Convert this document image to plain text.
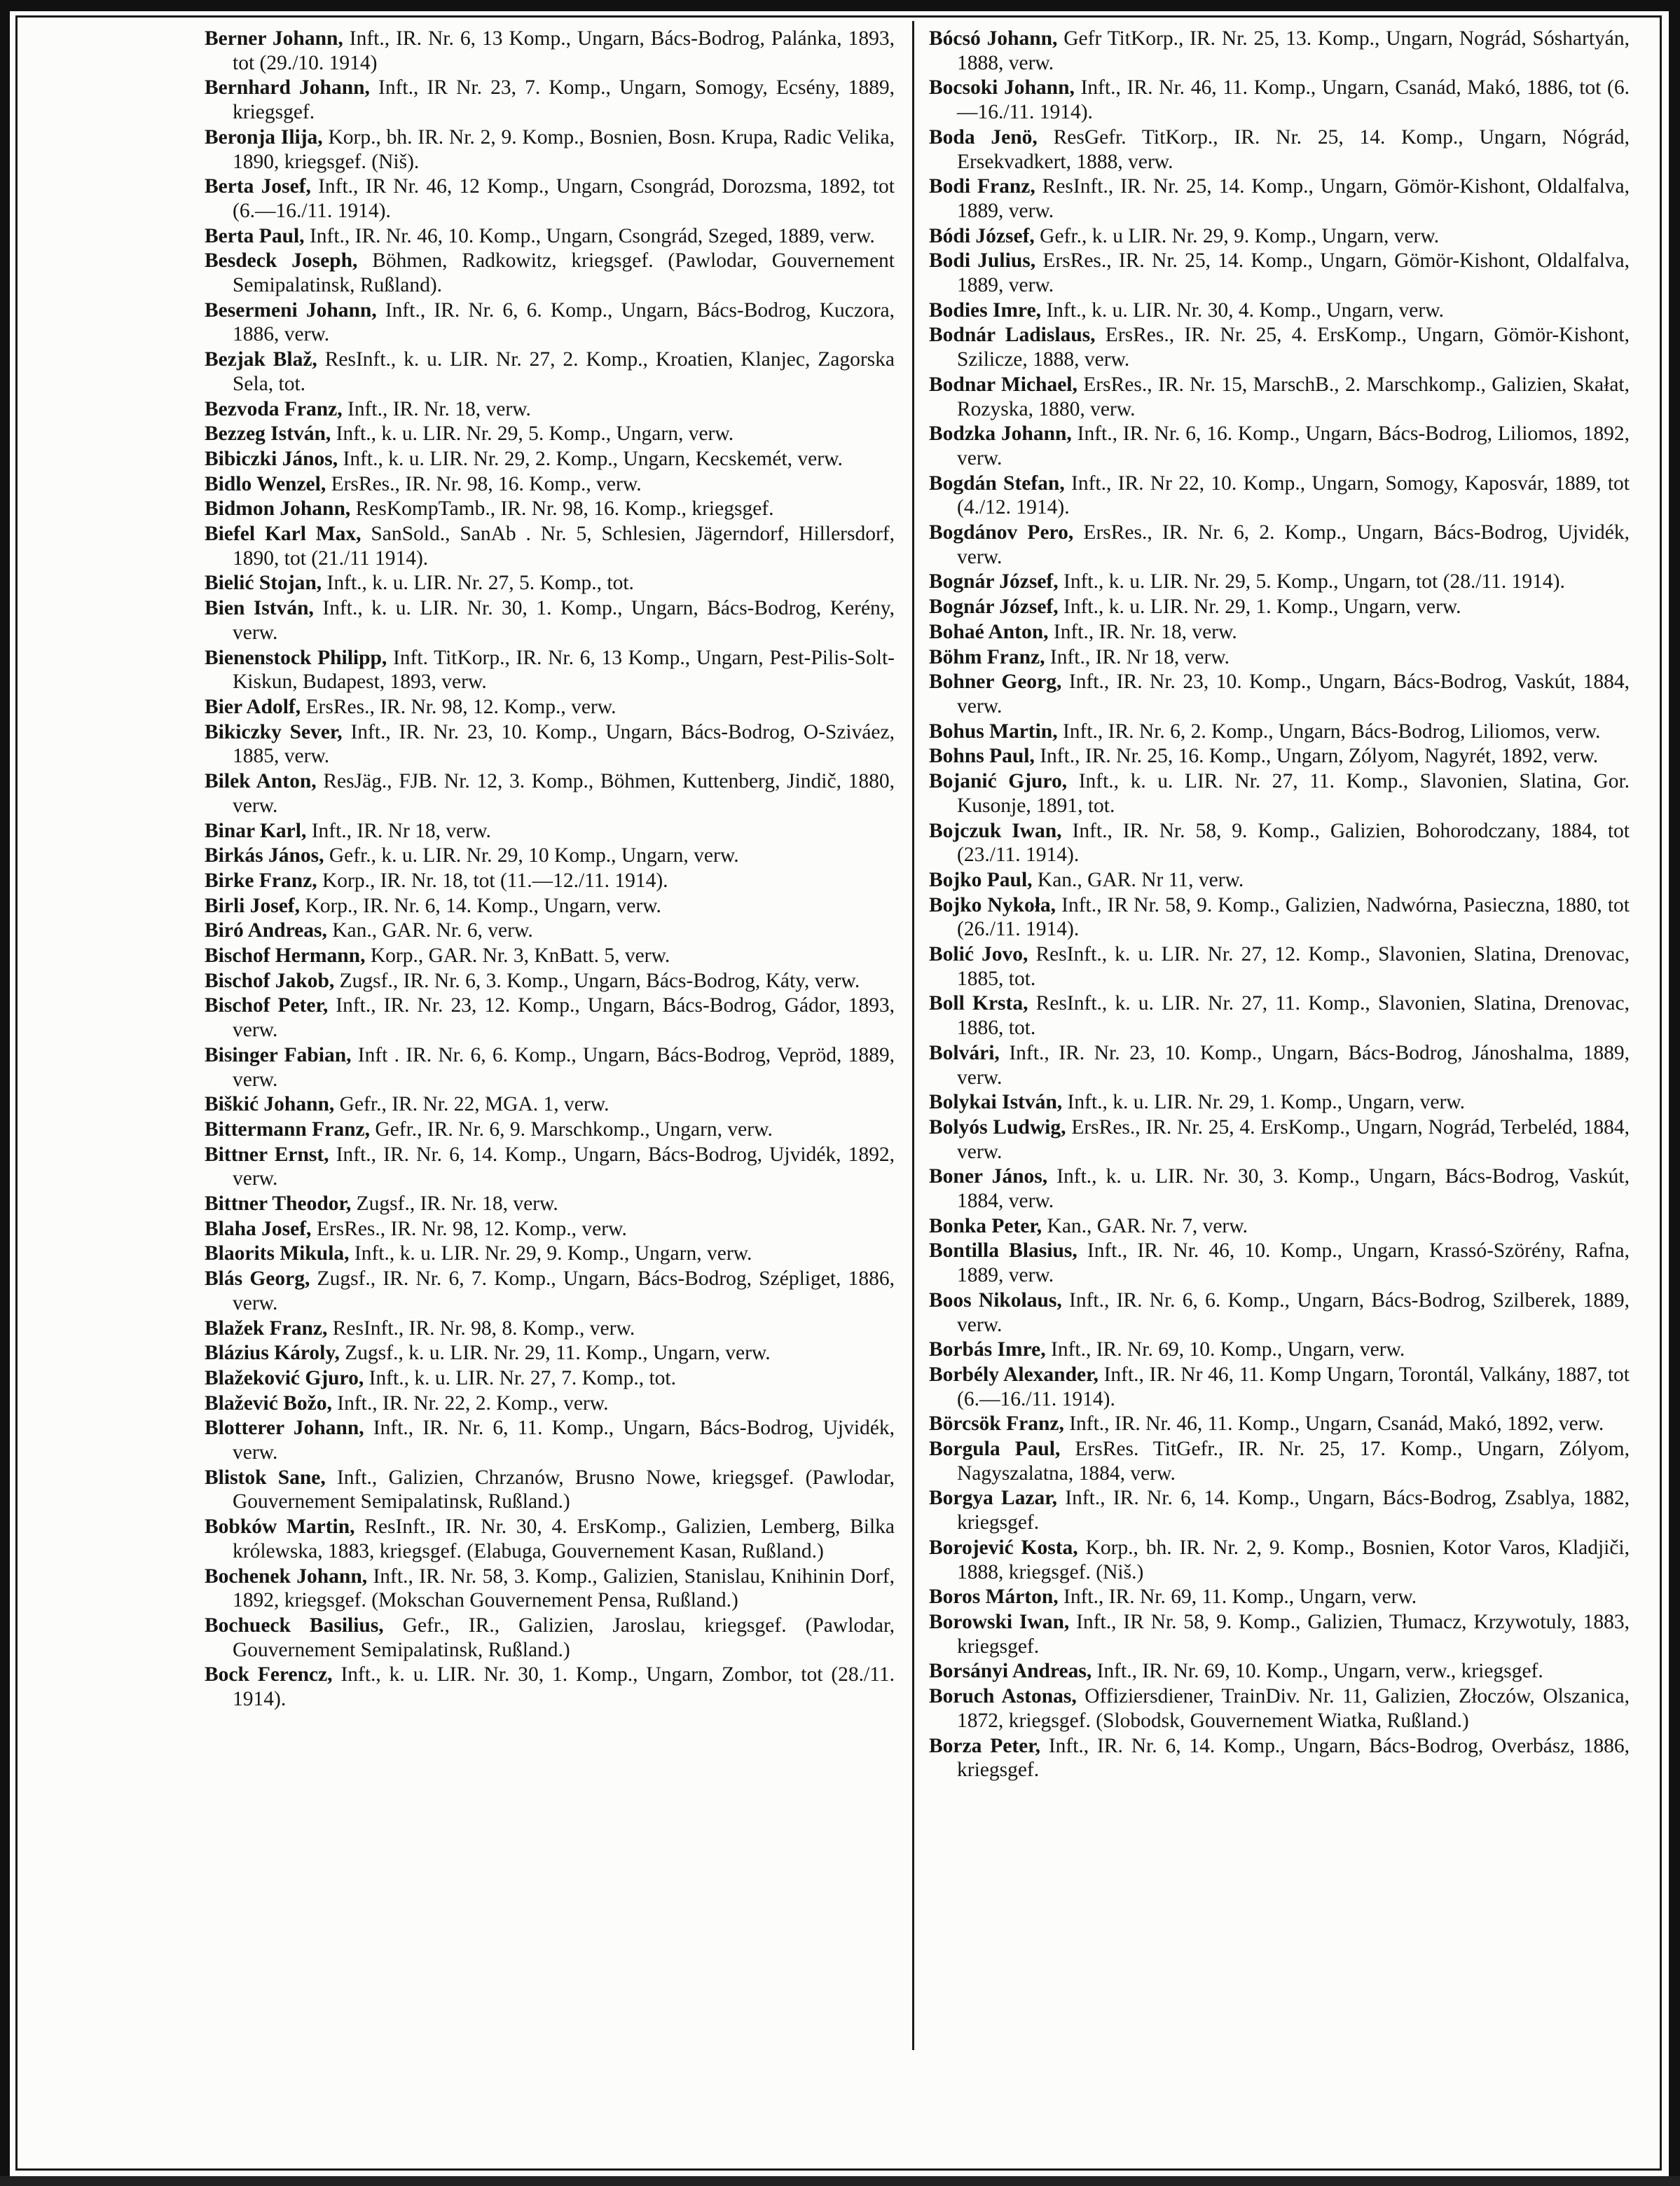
Berner Johann, Inft., IR. Nr. 6, 13 Komp., Ungarn, Bács-Bodrog, Palánka, 1893, tot (29./10. 1914)

Bernhard Johann, Inft., IR Nr. 23, 7. Komp., Ungarn, Somogy, Ecsény, 1889, kriegsgef.

Beronja Ilija, Korp., bh. IR. Nr. 2, 9. Komp., Bosnien, Bosn. Krupa, Radic Velika, 1890, kriegsgef. (Niš).

Berta Josef, Inft., IR Nr. 46, 12 Komp., Ungarn, Csongrád, Dorozsma, 1892, tot (6.—16./11. 1914).

Berta Paul, Inft., IR. Nr. 46, 10. Komp., Ungarn, Csongrád, Szeged, 1889, verw.

Besdeck Joseph, Böhmen, Radkowitz, kriegsgef. (Pawlodar, Gouvernement Semipalatinsk, Rußland).

Besermeni Johann, Inft., IR. Nr. 6, 6. Komp., Ungarn, Bács-Bodrog, Kuczora, 1886, verw.

Bezjak Blaž, ResInft., k. u. LIR. Nr. 27, 2. Komp., Kroatien, Klanjec, Zagorska Sela, tot.

Bezvoda Franz, Inft., IR. Nr. 18, verw.

Bezzeg István, Inft., k. u. LIR. Nr. 29, 5. Komp., Ungarn, verw.

Bibiczki János, Inft., k. u. LIR. Nr. 29, 2. Komp., Ungarn, Kecskemét, verw.

Bidlo Wenzel, ErsRes., IR. Nr. 98, 16. Komp., verw.

Bidmon Johann, ResKompTamb., IR. Nr. 98, 16. Komp., kriegsgef.

Biefel Karl Max, SanSold., SanAb . Nr. 5, Schlesien, Jägerndorf, Hillersdorf, 1890, tot (21./11 1914).

Bielić Stojan, Inft., k. u. LIR. Nr. 27, 5. Komp., tot.

Bien István, Inft., k. u. LIR. Nr. 30, 1. Komp., Ungarn, Bács-Bodrog, Kerény, verw.

Bienenstock Philipp, Inft. TitKorp., IR. Nr. 6, 13 Komp., Ungarn, Pest-Pilis-Solt-Kiskun, Budapest, 1893, verw.

Bier Adolf, ErsRes., IR. Nr. 98, 12. Komp., verw.

Bikiczky Sever, Inft., IR. Nr. 23, 10. Komp., Ungarn, Bács-Bodrog, O-Sziváez, 1885, verw.

Bilek Anton, ResJäg., FJB. Nr. 12, 3. Komp., Böhmen, Kuttenberg, Jindič, 1880, verw.

Binar Karl, Inft., IR. Nr 18, verw.

Birkás János, Gefr., k. u. LIR. Nr. 29, 10 Komp., Ungarn, verw.

Birke Franz, Korp., IR. Nr. 18, tot (11.—12./11. 1914).

Birli Josef, Korp., IR. Nr. 6, 14. Komp., Ungarn, verw.

Biró Andreas, Kan., GAR. Nr. 6, verw.

Bischof Hermann, Korp., GAR. Nr. 3, KnBatt. 5, verw.

Bischof Jakob, Zugsf., IR. Nr. 6, 3. Komp., Ungarn, Bács-Bodrog, Káty, verw.

Bischof Peter, Inft., IR. Nr. 23, 12. Komp., Ungarn, Bács-Bodrog, Gádor, 1893, verw.

Bisinger Fabian, Inft . IR. Nr. 6, 6. Komp., Ungarn, Bács-Bodrog, Vepröd, 1889, verw.

Biškić Johann, Gefr., IR. Nr. 22, MGA. 1, verw.

Bittermann Franz, Gefr., IR. Nr. 6, 9. Marschkomp., Ungarn, verw.

Bittner Ernst, Inft., IR. Nr. 6, 14. Komp., Ungarn, Bács-Bodrog, Ujvidék, 1892, verw.

Bittner Theodor, Zugsf., IR. Nr. 18, verw.

Blaha Josef, ErsRes., IR. Nr. 98, 12. Komp., verw.

Blaorits Mikula, Inft., k. u. LIR. Nr. 29, 9. Komp., Ungarn, verw.

Blás Georg, Zugsf., IR. Nr. 6, 7. Komp., Ungarn, Bács-Bodrog, Szépliget, 1886, verw.

Blažek Franz, ResInft., IR. Nr. 98, 8. Komp., verw.

Blázius Károly, Zugsf., k. u. LIR. Nr. 29, 11. Komp., Ungarn, verw.

Blažeković Gjuro, Inft., k. u. LIR. Nr. 27, 7. Komp., tot.

Blažević Božo, Inft., IR. Nr. 22, 2. Komp., verw.

Blotterer Johann, Inft., IR. Nr. 6, 11. Komp., Ungarn, Bács-Bodrog, Ujvidék, verw.

Blistok Sane, Inft., Galizien, Chrzanów, Brusno Nowe, kriegsgef. (Pawlodar, Gouvernement Semipalatinsk, Rußland.)

Bobków Martin, ResInft., IR. Nr. 30, 4. ErsKomp., Galizien, Lemberg, Bilka królewska, 1883, kriegsgef. (Elabuga, Gouvernement Kasan, Rußland.)

Bochenek Johann, Inft., IR. Nr. 58, 3. Komp., Galizien, Stanislau, Knihinin Dorf, 1892, kriegsgef. (Mokschan Gouvernement Pensa, Rußland.)

Bochueck Basilius, Gefr., IR., Galizien, Jaroslau, kriegsgef. (Pawlodar, Gouvernement Semipalatinsk, Rußland.)

Bock Ferencz, Inft., k. u. LIR. Nr. 30, 1. Komp., Ungarn, Zombor, tot (28./11. 1914).

Bócsó Johann, Gefr TitKorp., IR. Nr. 25, 13. Komp., Ungarn, Nográd, Sóshartyán, 1888, verw.

Bocsoki Johann, Inft., IR. Nr. 46, 11. Komp., Ungarn, Csanád, Makó, 1886, tot (6.—16./11. 1914).

Boda Jenö, ResGefr. TitKorp., IR. Nr. 25, 14. Komp., Ungarn, Nógrád, Ersekvadkert, 1888, verw.

Bodi Franz, ResInft., IR. Nr. 25, 14. Komp., Ungarn, Gömör-Kishont, Oldalfalva, 1889, verw.

Bódi József, Gefr., k. u LIR. Nr. 29, 9. Komp., Ungarn, verw.

Bodi Julius, ErsRes., IR. Nr. 25, 14. Komp., Ungarn, Gömör-Kishont, Oldalfalva, 1889, verw.

Bodies Imre, Inft., k. u. LIR. Nr. 30, 4. Komp., Ungarn, verw.

Bodnár Ladislaus, ErsRes., IR. Nr. 25, 4. ErsKomp., Ungarn, Gömör-Kishont, Szilicze, 1888, verw.

Bodnar Michael, ErsRes., IR. Nr. 15, MarschB., 2. Marschkomp., Galizien, Skałat, Rozyska, 1880, verw.

Bodzka Johann, Inft., IR. Nr. 6, 16. Komp., Ungarn, Bács-Bodrog, Liliomos, 1892, verw.

Bogdán Stefan, Inft., IR. Nr 22, 10. Komp., Ungarn, Somogy, Kaposvár, 1889, tot (4./12. 1914).

Bogdánov Pero, ErsRes., IR. Nr. 6, 2. Komp., Ungarn, Bács-Bodrog, Ujvidék, verw.

Bognár József, Inft., k. u. LIR. Nr. 29, 5. Komp., Ungarn, tot (28./11. 1914).

Bognár József, Inft., k. u. LIR. Nr. 29, 1. Komp., Ungarn, verw.

Bohaé Anton, Inft., IR. Nr. 18, verw.

Böhm Franz, Inft., IR. Nr 18, verw.

Bohner Georg, Inft., IR. Nr. 23, 10. Komp., Ungarn, Bács-Bodrog, Vaskút, 1884, verw.

Bohus Martin, Inft., IR. Nr. 6, 2. Komp., Ungarn, Bács-Bodrog, Liliomos, verw.

Bohns Paul, Inft., IR. Nr. 25, 16. Komp., Ungarn, Zólyom, Nagyrét, 1892, verw.

Bojanić Gjuro, Inft., k. u. LIR. Nr. 27, 11. Komp., Slavonien, Slatina, Gor. Kusonje, 1891, tot.

Bojczuk Iwan, Inft., IR. Nr. 58, 9. Komp., Galizien, Bohorodczany, 1884, tot (23./11. 1914).

Bojko Paul, Kan., GAR. Nr 11, verw.

Bojko Nykoła, Inft., IR Nr. 58, 9. Komp., Galizien, Nadwórna, Pasieczna, 1880, tot (26./11. 1914).

Bolić Jovo, ResInft., k. u. LIR. Nr. 27, 12. Komp., Slavonien, Slatina, Drenovac, 1885, tot.

Boll Krsta, ResInft., k. u. LIR. Nr. 27, 11. Komp., Slavonien, Slatina, Drenovac, 1886, tot.

Bolvári, Inft., IR. Nr. 23, 10. Komp., Ungarn, Bács-Bodrog, Jánoshalma, 1889, verw.

Bolykai István, Inft., k. u. LIR. Nr. 29, 1. Komp., Ungarn, verw.

Bolyós Ludwig, ErsRes., IR. Nr. 25, 4. ErsKomp., Ungarn, Nográd, Terbeléd, 1884, verw.

Boner János, Inft., k. u. LIR. Nr. 30, 3. Komp., Ungarn, Bács-Bodrog, Vaskút, 1884, verw.

Bonka Peter, Kan., GAR. Nr. 7, verw.

Bontilla Blasius, Inft., IR. Nr. 46, 10. Komp., Ungarn, Krassó-Szörény, Rafna, 1889, verw.

Boos Nikolaus, Inft., IR. Nr. 6, 6. Komp., Ungarn, Bács-Bodrog, Szilberek, 1889, verw.

Borbás Imre, Inft., IR. Nr. 69, 10. Komp., Ungarn, verw.

Borbély Alexander, Inft., IR. Nr 46, 11. Komp Ungarn, Torontál, Valkány, 1887, tot (6.—16./11. 1914).

Börcsök Franz, Inft., IR. Nr. 46, 11. Komp., Ungarn, Csanád, Makó, 1892, verw.

Borgula Paul, ErsRes. TitGefr., IR. Nr. 25, 17. Komp., Ungarn, Zólyom, Nagyszalatna, 1884, verw.

Borgya Lazar, Inft., IR. Nr. 6, 14. Komp., Ungarn, Bács-Bodrog, Zsablya, 1882, kriegsgef.

Borojević Kosta, Korp., bh. IR. Nr. 2, 9. Komp., Bosnien, Kotor Varos, Kladjiči, 1888, kriegsgef. (Niš.)

Boros Márton, Inft., IR. Nr. 69, 11. Komp., Ungarn, verw.

Borowski Iwan, Inft., IR Nr. 58, 9. Komp., Galizien, Tłumacz, Krzywotuly, 1883, kriegsgef.

Borsányi Andreas, Inft., IR. Nr. 69, 10. Komp., Ungarn, verw., kriegsgef.

Boruch Astonas, Offiziersdiener, TrainDiv. Nr. 11, Galizien, Złoczów, Olszanica, 1872, kriegsgef. (Slobodsk, Gouvernement Wiatka, Rußland.)

Borza Peter, Inft., IR. Nr. 6, 14. Komp., Ungarn, Bács-Bodrog, Overbász, 1886, kriegsgef.
